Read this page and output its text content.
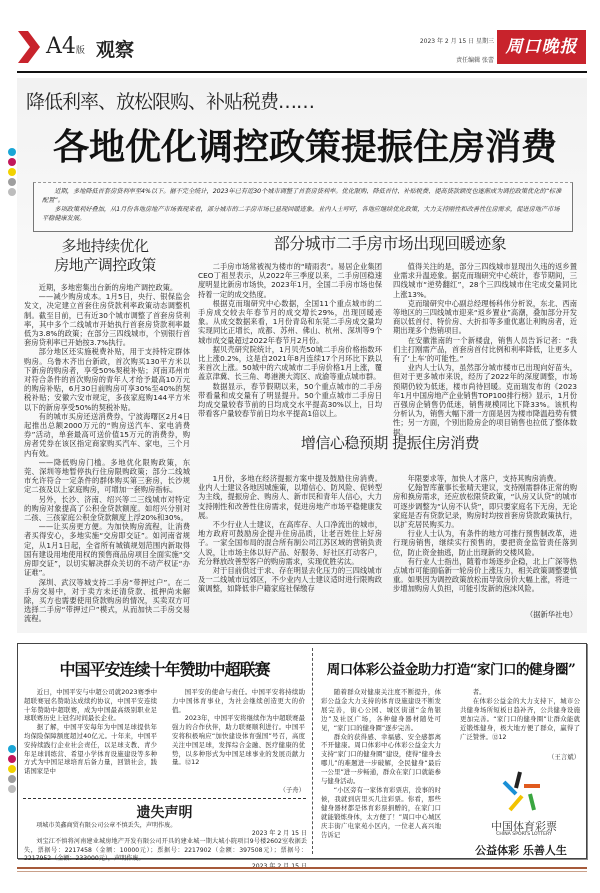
A4版 观察	2023 年 2 月 15 日 星期三
责任编辑 张蕾
周口晚报
降低利率、放松限购、补贴税费……
各地优化调控政策提振住房消费

近期，多地降低首套房贷利率至4%以下。据不完全统计，2023年已有近30个城市调整了首套房贷利率。优化限购、降低首付、补贴税费、提高贷款额度也逐渐成为调控政策优化的“标准配置”。

多项政策利好叠加，从1月份各地房地产市场表现来看，部分城市的二手房市场已显现回暖迹象。业内人士呼吁，各地应继续优化政策，大力支持刚性和改善性住房需求，促进房地产市场平稳健康发展。

多地持续优化
房地产调控政策

近期，多地密集出台新的房地产调控政策。

——减少购房成本。1月5日，央行、银保监会发文，决定建立首套住房贷款利率政策动态调整机制。截至目前，已有近30个城市调整了首套房贷利率，其中多个二线城市开始执行首套房贷款利率最低为3.8%的政策；在部分三四线城市，个别银行首套房贷利率已开始按3.7%执行。

部分地区还实施税费补贴，用于支持特定群体购房。乌鲁木齐出台新政，首次购买130平方米以下新房的购房者，享受50%契税补贴；河南邓州市对符合条件的首次购房的青年人才给予最高10万元的购房补贴，6月30日前购房可享30%至40%的契税补贴；安徽六安市规定，多孩家庭购144平方米以下的新房享受50%的契税补贴。

有的城市买房还送消费券，宁波海曙区2月4日起推出总额2000万元的“购房送汽车、家电消费券”活动，单套最高可送价值15万元的消费券，购房者凭券在该区指定商家购买汽车、家电，三个月内有效。

——降低购房门槛。多地优化限购政策，东莞、深圳等地暂停执行住房限购政策；部分二线城市允许符合一定条件的群体购买第三套房，长沙规定二孩及以上家庭购房，可增加一套购房指标。

另外，长沙、济南、绍兴等二三线城市对特定的购房对象提高了公积金贷款额度。如绍兴分别对二孩、三孩家庭公积金贷款额度上浮20%和30%。

——让买房更方便。为加快购房流程，让消费者买得安心，多地实施“交房即交证”。如河南省规定，从1月1日起，全省所有城镇规划范围内新取得国有建设用地使用权的预售商品房项目全面实施“交房即交证”，以切实解决群众关切的不动产权证“办证难”。

深圳、武汉等城支持二手房“带押过户”。在二手房交易中，对于卖方未还清贷款、抵押尚未解除，买方也需要使用贷款购房的情况，买卖双方可选择二手房“带押过户”模式，从而加快二手房交易流程。

部分城市二手房市场出现回暖迹象

二手房市场常被视为楼市的“晴雨表”。易居企业集团CEO丁祖昱表示，从2022年三季度以来，二手房回稳速度明显比新房市场快，2023年1月，全国二手房市场也保持着一定的成交热度。

根据克而瑞研究中心数据，全国11个重点城市的二手房成交较去年春节月的成交增长29%，出现回暖迹象。从成交数据来看，1月份青岛和东莞二手房成交量均实现同比正增长，成都、苏州、佛山、杭州、深圳等9个城市成交量超过2022年春节月2月份。

据贝壳研究院统计，1月贝壳50城二手房价格指数环比上涨0.2%，这是自2021年8月连续17个月环比下跌以来首次上涨。50城中的六成城市二手房价格1月上涨，覆盖京津冀、长三角、粤港澳大湾区、成渝等重点城市群。

数据显示，春节假期以来，50个重点城市的二手房带看量和成交量有了明显提升。50个重点城市二手房日均成交量较春节前的日均成交水平提高30%以上，日均带看客户量较春节前日均水平提高1倍以上。

值得关注的是，部分三四线城市显现出久违的返乡置业需求升温迹象。据克而瑞研究中心统计，春节期间，三四线城市“逆势翻红”，28个三四线城市住宅成交量同比上涨13%。

克而瑞研究中心副总经理杨科伟分析说，东北、西南等地区的三四线城市迎来“返乡置业”高潮，叠加部分开发商以低首付、特价房、大折扣等多重优惠让利购房者，近期出现多个热销项目。

在安徽淮南的一个新楼盘，销售人员告诉记者：“我们主打刚需产品，首套房首付比例和利率降低，让更多人有了‘上车’的可能性。”

业内人士认为，虽然部分城市楼市已出现向好苗头，但对于更多城市来说，经历了2022年的深度调整，市场预期仍较为低迷，楼市尚待回暖。克而瑞发布的《2023年1月中国房地产企业销售TOP100排行榜》显示，1月份百强房企销售仍低迷，销售规模同比下降33%。该机构分析认为，销售大幅下滑一方面是因为楼市降温趋势有惯性；另一方面，个别出险房企的项目销售也拉低了整体数据。

增信心稳预期 提振住房消费

1月份，多地在经济提振方案中提及鼓励住房消费。业内人士建议各地因城施策，以增信心、防风险、促转型为主线，提振房企、购房人、新市民和青年人信心，大力支持刚性和改善性住房需求，促进房地产市场平稳健康发展。

不少行业人士建议，在高库存、人口净流出的城市，地方政府可鼓励房企提升住房品质，让老百姓住上好房子。一家全国布局的混合所有制公司江苏区域的营销负责人说，让市场主体以好产品、好服务、好社区打动客户，充分释放改善型客户的购房需求，实现优胜劣汰。

对于目前供过于求、存在明显去化压力的三四线城市及一二线城市远郊区，不少业内人士建议适时进行限购政策调整，如降低非户籍家庭社保缴存

年限要求等，加快人才落户，支持其购房消费。

亿翰智库董事长张晴天建议，支持刚需群体正常的购房和换房需求，还应放松限贷政策，“认房又认贷”的城市可逐步调整为“认房不认贷”，即只要家庭名下无房，无论家庭是否有贷款记录，购房时均按首套房贷款政策执行，以扩充居民购买力。

行业人士认为，有条件的地方可推行预售制改革，进行现房销售，继续实行预售的，要把资金监管责任落到位，防止资金抽逃，防止出现新的交楼风险。

有行业人士指出，随着市场逐步企稳，北上广深等热点城市可能面临新一轮房价上涨压力，相关政策调整要慎重。如果因为调控政策放松而导致房价大幅上涨，将进一步增加购房人负担，可能引发新的泡沫风险。

（据新华社电）
中国平安连续十年赞助中超联赛

近日，中国平安与中超公司就2023赛季中超联赛冠名赞助达成续约协议，中国平安连续十年赞助中超联赛，成为中国最高级别职业足球联赛历史上冠名时间最长企业。

据了解，中国平安每年为中国足球提供年均保险保障额度超过40亿元。十年来，中国平安持续践行企业社会责任，以足球支教、青少年足球训练营、希望小学体育设施建设等多种方式为中国足球培育后备力量，回馈社会，践诺国家是中

国平安的使命与责任。中国平安将持续助力中国体育事业，为社会继续创造更大的价值。

2023年，中国平安将继续作为中超联赛最强力的合作伙伴，助力联赛顺利进行。中国平安将积极响应“加快建设体育强国”号召，高度关注中国足球，发挥综合金融、医疗健康的优势，以多种形式为中国足球事业的发展贡献力量。⑫12

（子舟）
遗失声明

项城市美鑫商贸有限公司公章不慎丢失，声明作废。

2023 年 2 月 15 日

刘宝江不慎将河南建业城房地产开发有限公司开具的建业城一期大城小院项目9号楼2602室收据丢失，票据号：2217458（金额：10000元）；票据号：2217902（金额：397508元）；票据号：2217952（金额：233000元），声明作废。

周口体彩公益金助力打造“家门口的健身圈”

随着群众对健康关注度不断提升，体彩公益金大力支持的体育设施建设不断发展完善，街心公园、城区街道“金角银边”及社区广场，各种健身器材随处可见，“家门口的健身圈”逐步完善。

群众的获得感、幸福感、安全感都离不开健康。周口体彩中心体彩公益金大力支持“家门口的健身圈”建设，使得“健身去哪儿”的难题进一步破解，全民健身“最后一公里”进一步畅通，群众在家门口就能参与健身活动。

“小区旁有一家体育彩票店，没事的时候，我就到店里买几注彩票。你看，那些健身器材都是体育彩票捐赠的，在家门口就能锻炼身体，太方便了！”周口中心城区庆丰街广电家苑小区内，一位老人高兴地告诉记

者。

在体彩公益金的大力支持下，城市公共健身场所短板日趋补齐，公共健身设施更加完善。“家门口的健身圈”让群众能就近锻炼健身，极大地方便了群众，赢得了广泛赞誉。⑫12

（王言斌）
中国体育彩票
CHINA SPORTS LOTTERY
公益体彩 乐善人生
